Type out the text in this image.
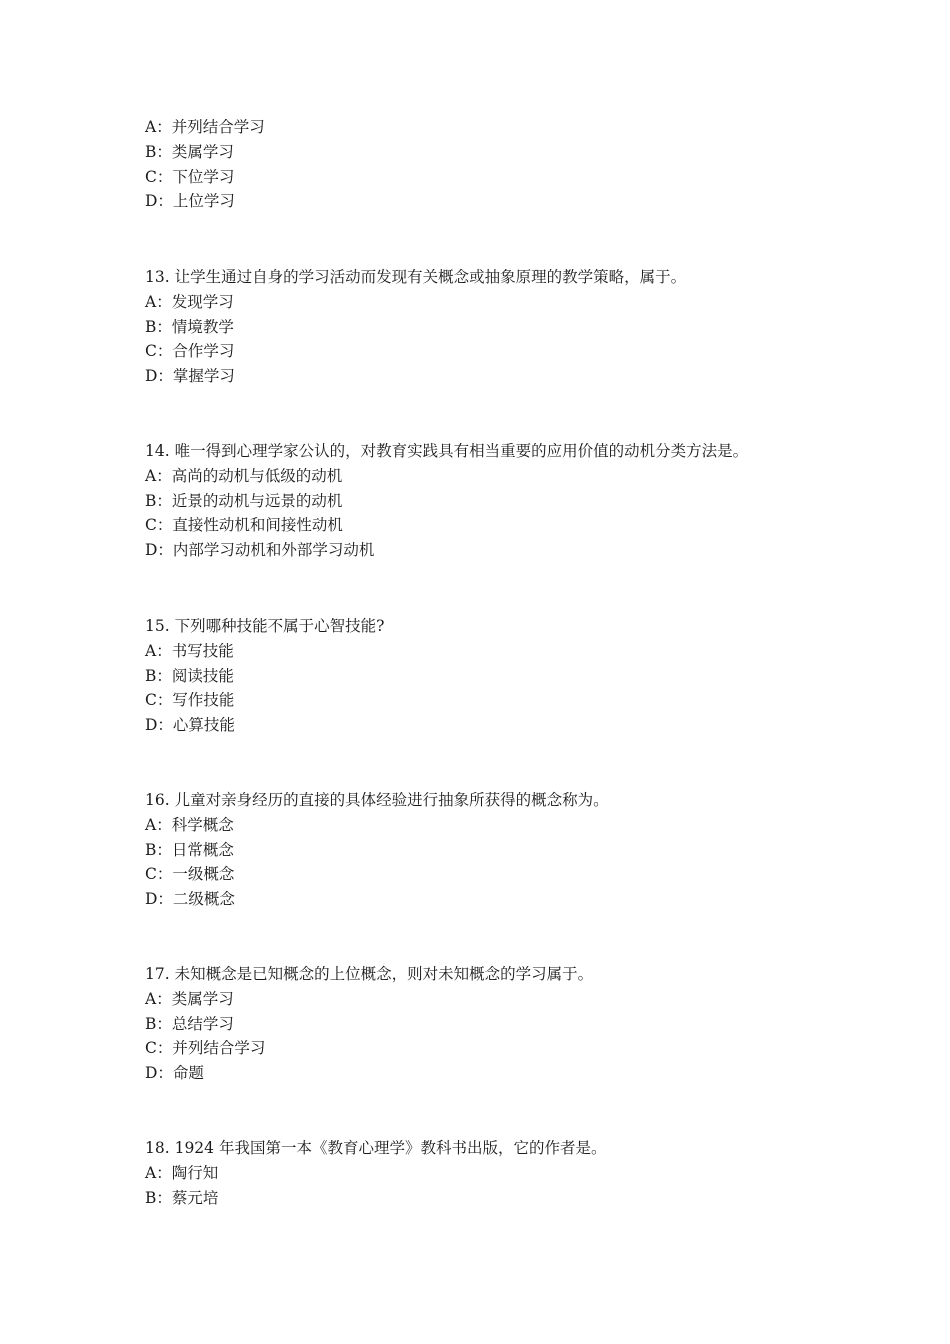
A：并列结合学习
B：类属学习
C：下位学习
D：上位学习
13. 让学生通过自身的学习活动而发现有关概念或抽象原理的教学策略，属于。
A：发现学习
B：情境教学
C：合作学习
D：掌握学习
14. 唯一得到心理学家公认的，对教育实践具有相当重要的应用价值的动机分类方法是。
A：高尚的动机与低级的动机
B：近景的动机与远景的动机
C：直接性动机和间接性动机
D：内部学习动机和外部学习动机
15. 下列哪种技能不属于心智技能?
A：书写技能
B：阅读技能
C：写作技能
D：心算技能
16. 儿童对亲身经历的直接的具体经验进行抽象所获得的概念称为。
A：科学概念
B：日常概念
C：一级概念
D：二级概念
17. 未知概念是已知概念的上位概念，则对未知概念的学习属于。
A：类属学习
B：总结学习
C：并列结合学习
D：命题
18. 1924 年我国第一本《教育心理学》教科书出版，它的作者是。
A：陶行知
B：蔡元培
